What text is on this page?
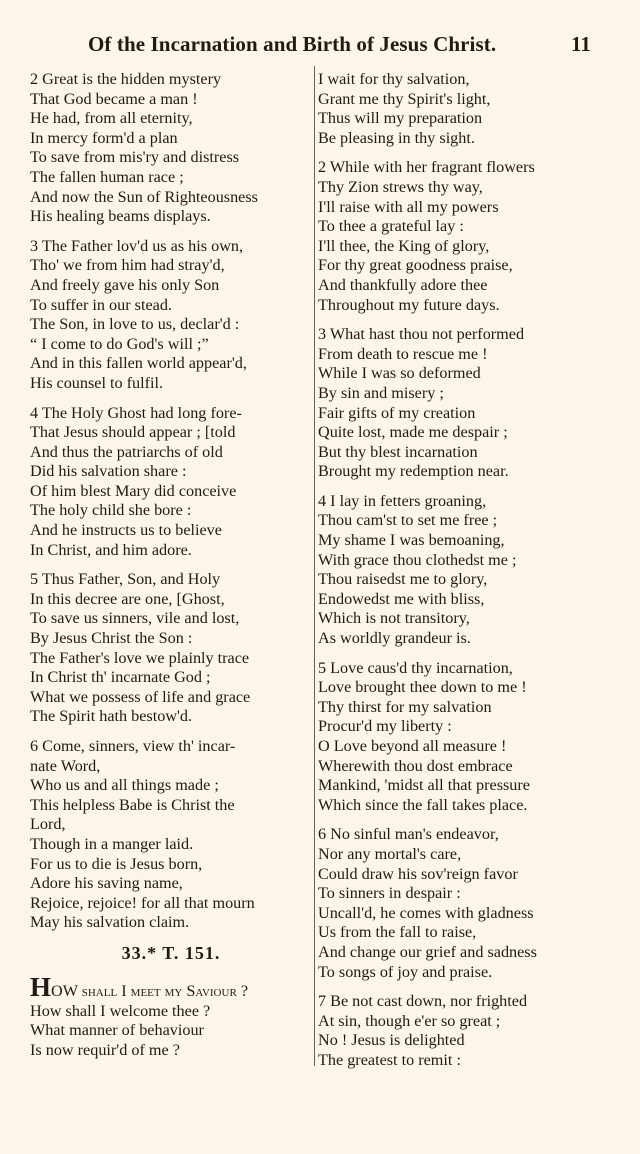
Of the Incarnation and Birth of Jesus Christ.	11
2 Great is the hidden mystery
That God became a man !
He had, from all eternity,
In mercy form'd a plan
To save from mis'ry and distress
The fallen human race ;
And now the Sun of Righteousness
His healing beams displays.
3 The Father lov'd us as his own,
Tho' we from him had stray'd,
And freely gave his only Son
To suffer in our stead.
The Son, in love to us, declar'd :
“ I come to do God's will ;”
And in this fallen world appear'd,
His counsel to fulfil.
4 The Holy Ghost had long fore-
That Jesus should appear ; [told
And thus the patriarchs of old
Did his salvation share :
Of him blest Mary did conceive
The holy child she bore :
And he instructs us to believe
In Christ, and him adore.
5 Thus Father, Son, and Holy
In this decree are one, [Ghost,
To save us sinners, vile and lost,
By Jesus Christ the Son :
The Father's love we plainly trace
In Christ th' incarnate God ;
What we possess of life and grace
The Spirit hath bestow'd.
6 Come, sinners, view th' incar-
nate Word,
Who us and all things made ;
This helpless Babe is Christ the
Lord,
Though in a manger laid.
For us to die is Jesus born,
Adore his saving name,
Rejoice, rejoice! for all that mourn
May his salvation claim.
33.* T. 151.
HOW shall I meet my Saviour ?
How shall I welcome thee ?
What manner of behaviour
Is now requir'd of me ?
I wait for thy salvation,
Grant me thy Spirit's light,
Thus will my preparation
Be pleasing in thy sight.
2 While with her fragrant flowers
Thy Zion strews thy way,
I'll raise with all my powers
To thee a grateful lay :
I'll thee, the King of glory,
For thy great goodness praise,
And thankfully adore thee
Throughout my future days.
3 What hast thou not performed
From death to rescue me !
While I was so deformed
By sin and misery ;
Fair gifts of my creation
Quite lost, made me despair ;
But thy blest incarnation
Brought my redemption near.
4 I lay in fetters groaning,
Thou cam'st to set me free ;
My shame I was bemoaning,
With grace thou clothedst me ;
Thou raisedst me to glory,
Endowedst me with bliss,
Which is not transitory,
As worldly grandeur is.
5 Love caus'd thy incarnation,
Love brought thee down to me !
Thy thirst for my salvation
Procur'd my liberty :
O Love beyond all measure !
Wherewith thou dost embrace
Mankind, 'midst all that pressure
Which since the fall takes place.
6 No sinful man's endeavor,
Nor any mortal's care,
Could draw his sov'reign favor
To sinners in despair :
Uncall'd, he comes with gladness
Us from the fall to raise,
And change our grief and sadness
To songs of joy and praise.
7 Be not cast down, nor frighted
At sin, though e'er so great ;
No ! Jesus is delighted
The greatest to remit :
